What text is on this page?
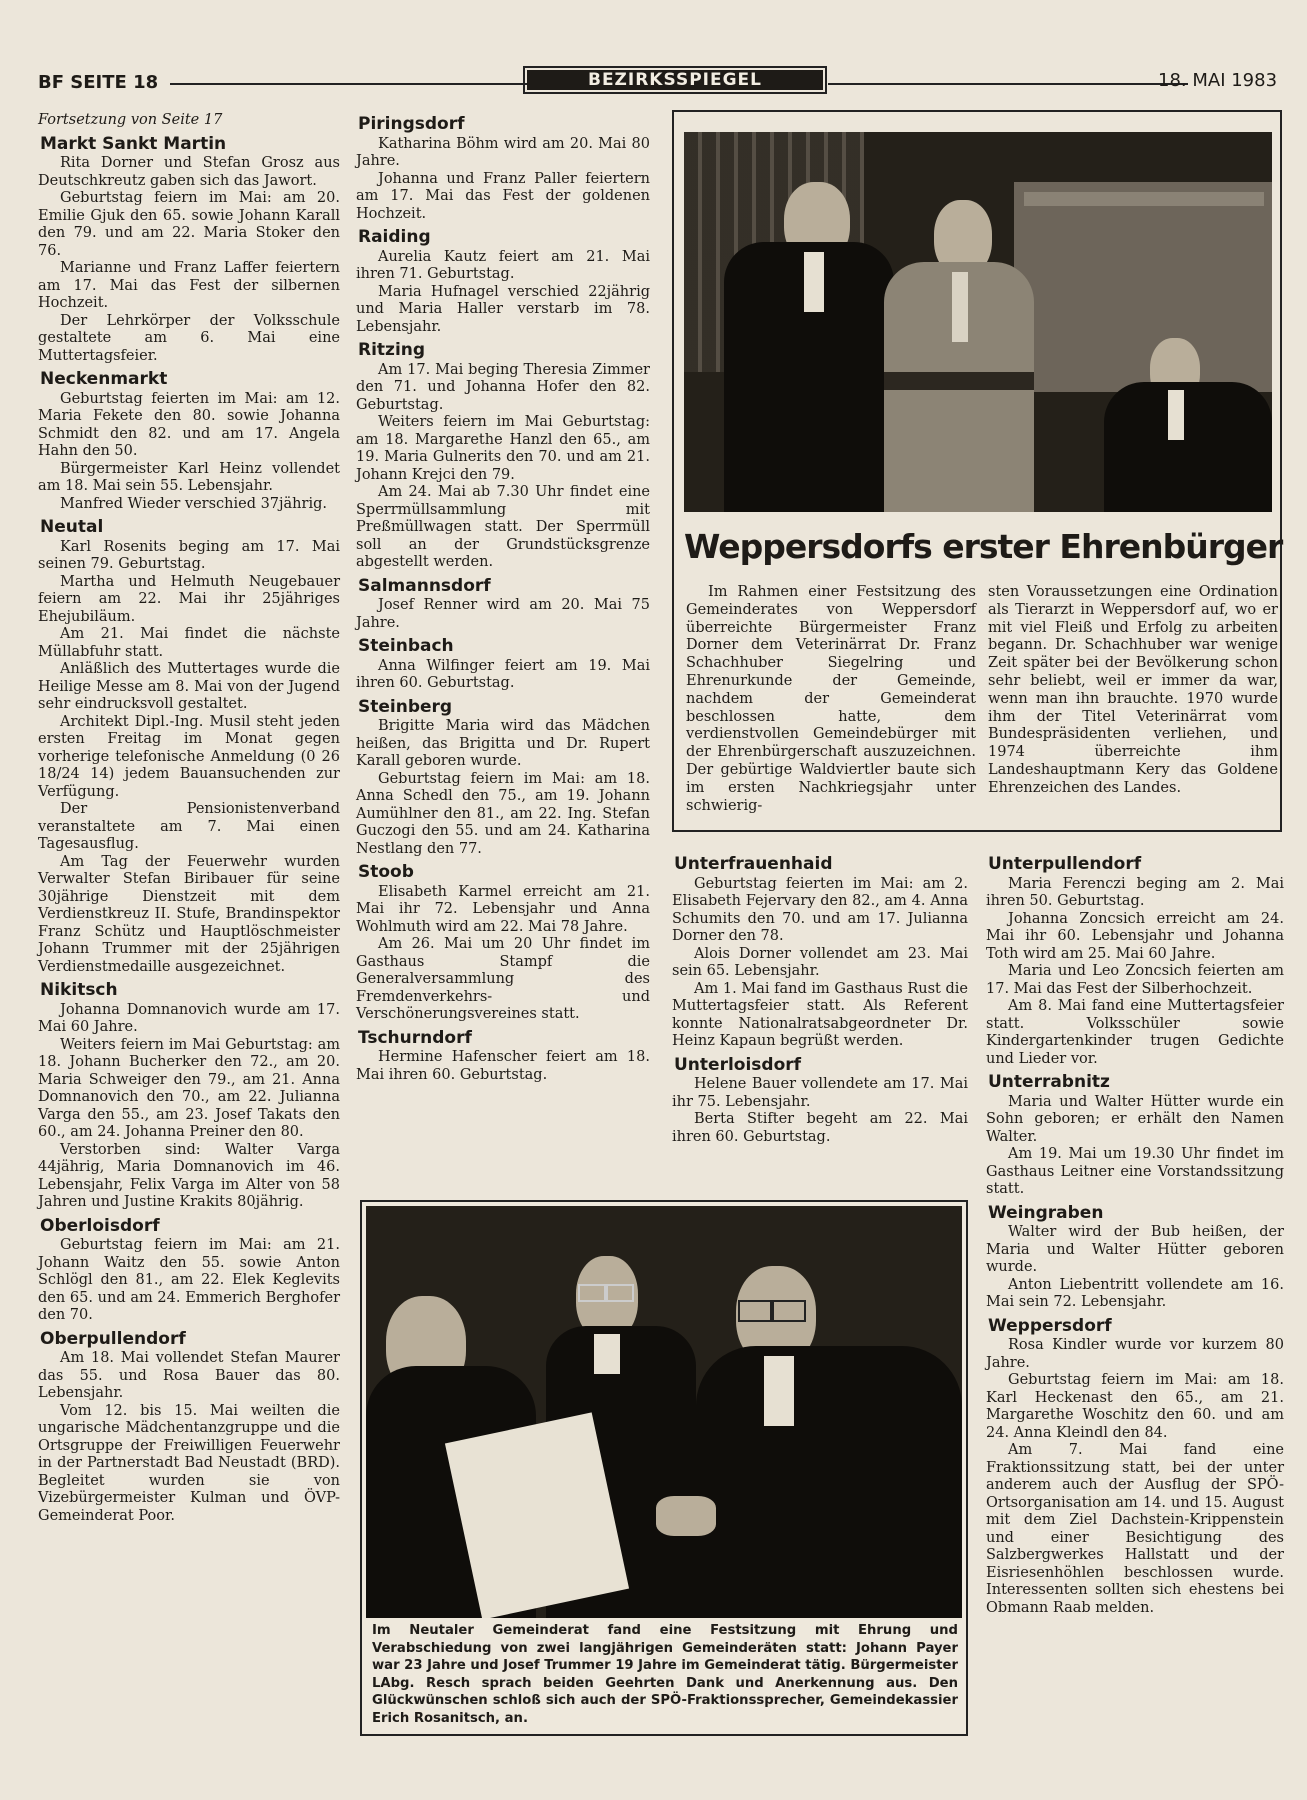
BF SEITE 18	BEZIRKSSPIEGEL	18. MAI 1983

Fortsetzung von Seite 17

Markt Sankt Martin

Rita Dorner und Stefan Grosz aus Deutschkreutz gaben sich das Jawort.

Geburtstag feiern im Mai: am 20. Emilie Gjuk den 65. sowie Johann Karall den 79. und am 22. Maria Stoker den 76.

Marianne und Franz Laffer feiertern am 17. Mai das Fest der silbernen Hochzeit.

Der Lehrkörper der Volksschule gestaltete am 6. Mai eine Muttertagsfeier.

Neckenmarkt

Geburtstag feierten im Mai: am 12. Maria Fekete den 80. sowie Johanna Schmidt den 82. und am 17. Angela Hahn den 50.

Bürgermeister Karl Heinz vollendet am 18. Mai sein 55. Lebensjahr.

Manfred Wieder verschied 37jährig.

Neutal

Karl Rosenits beging am 17. Mai seinen 79. Geburtstag.

Martha und Helmuth Neugebauer feiern am 22. Mai ihr 25jähriges Ehejubiläum.

Am 21. Mai findet die nächste Müllabfuhr statt.

Anläßlich des Muttertages wurde die Heilige Messe am 8. Mai von der Jugend sehr eindrucksvoll gestaltet.

Architekt Dipl.-Ing. Musil steht jeden ersten Freitag im Monat gegen vorherige telefonische Anmeldung (0 26 18/24 14) jedem Bauansuchenden zur Verfügung.

Der Pensionistenverband veranstaltete am 7. Mai einen Tagesausflug.

Am Tag der Feuerwehr wurden Verwalter Stefan Biribauer für seine 30jährige Dienstzeit mit dem Verdienstkreuz II. Stufe, Brandinspektor Franz Schütz und Hauptlöschmeister Johann Trummer mit der 25jährigen Verdienstmedaille ausgezeichnet.

Nikitsch

Johanna Domnanovich wurde am 17. Mai 60 Jahre.

Weiters feiern im Mai Geburtstag: am 18. Johann Bucherker den 72., am 20. Maria Schweiger den 79., am 21. Anna Domnanovich den 70., am 22. Julianna Varga den 55., am 23. Josef Takats den 60., am 24. Johanna Preiner den 80.

Verstorben sind: Walter Varga 44jährig, Maria Domnanovich im 46. Lebensjahr, Felix Varga im Alter von 58 Jahren und Justine Krakits 80jährig.

Oberloisdorf

Geburtstag feiern im Mai: am 21. Johann Waitz den 55. sowie Anton Schlögl den 81., am 22. Elek Keglevits den 65. und am 24. Emmerich Berghofer den 70.

Oberpullendorf

Am 18. Mai vollendet Stefan Maurer das 55. und Rosa Bauer das 80. Lebensjahr.

Vom 12. bis 15. Mai weilten die ungarische Mädchentanzgruppe und die Ortsgruppe der Freiwilligen Feuerwehr in der Partnerstadt Bad Neustadt (BRD). Begleitet wurden sie von Vizebürgermeister Kulman und ÖVP-Gemeinderat Poor.

Piringsdorf

Katharina Böhm wird am 20. Mai 80 Jahre.

Johanna und Franz Paller feiertern am 17. Mai das Fest der goldenen Hochzeit.

Raiding

Aurelia Kautz feiert am 21. Mai ihren 71. Geburtstag.

Maria Hufnagel verschied 22jährig und Maria Haller verstarb im 78. Lebensjahr.

Ritzing

Am 17. Mai beging Theresia Zimmer den 71. und Johanna Hofer den 82. Geburtstag.

Weiters feiern im Mai Geburtstag: am 18. Margarethe Hanzl den 65., am 19. Maria Gulnerits den 70. und am 21. Johann Krejci den 79.

Am 24. Mai ab 7.30 Uhr findet eine Sperrmüllsammlung mit Preßmüllwagen statt. Der Sperrmüll soll an der Grundstücksgrenze abgestellt werden.

Salmannsdorf

Josef Renner wird am 20. Mai 75 Jahre.

Steinbach

Anna Wilfinger feiert am 19. Mai ihren 60. Geburtstag.

Steinberg

Brigitte Maria wird das Mädchen heißen, das Brigitta und Dr. Rupert Karall geboren wurde.

Geburtstag feiern im Mai: am 18. Anna Schedl den 75., am 19. Johann Aumühlner den 81., am 22. Ing. Stefan Guczogi den 55. und am 24. Katharina Nestlang den 77.

Stoob

Elisabeth Karmel erreicht am 21. Mai ihr 72. Lebensjahr und Anna Wohlmuth wird am 22. Mai 78 Jahre.

Am 26. Mai um 20 Uhr findet im Gasthaus Stampf die Generalversammlung des Fremdenverkehrs- und Verschönerungsvereines statt.

Tschurndorf

Hermine Hafenscher feiert am 18. Mai ihren 60. Geburtstag.

Weppersdorfs erster Ehrenbürger

Im Rahmen einer Festsitzung des Gemeinderates von Weppersdorf überreichte Bürgermeister Franz Dorner dem Veterinärrat Dr. Franz Schachhuber Siegelring und Ehrenurkunde der Gemeinde, nachdem der Gemeinderat beschlossen hatte, dem verdienstvollen Gemeindebürger mit der Ehrenbürgerschaft auszuzeichnen. Der gebürtige Waldviertler baute sich im ersten Nachkriegsjahr unter schwierig-

sten Voraussetzungen eine Ordination als Tierarzt in Weppersdorf auf, wo er mit viel Fleiß und Erfolg zu arbeiten begann. Dr. Schachhuber war wenige Zeit später bei der Bevölkerung schon sehr beliebt, weil er immer da war, wenn man ihn brauchte. 1970 wurde ihm der Titel Veterinärrat vom Bundespräsidenten verliehen, und 1974 überreichte ihm Landeshauptmann Kery das Goldene Ehrenzeichen des Landes.

Unterfrauenhaid

Geburtstag feierten im Mai: am 2. Elisabeth Fejervary den 82., am 4. Anna Schumits den 70. und am 17. Julianna Dorner den 78.

Alois Dorner vollendet am 23. Mai sein 65. Lebensjahr.

Am 1. Mai fand im Gasthaus Rust die Muttertagsfeier statt. Als Referent konnte Nationalratsabgeordneter Dr. Heinz Kapaun begrüßt werden.

Unterloisdorf

Helene Bauer vollendete am 17. Mai ihr 75. Lebensjahr.

Berta Stifter begeht am 22. Mai ihren 60. Geburtstag.

Unterpullendorf

Maria Ferenczi beging am 2. Mai ihren 50. Geburtstag.

Johanna Zoncsich erreicht am 24. Mai ihr 60. Lebensjahr und Johanna Toth wird am 25. Mai 60 Jahre.

Maria und Leo Zoncsich feierten am 17. Mai das Fest der Silberhochzeit.

Am 8. Mai fand eine Muttertagsfeier statt. Volksschüler sowie Kindergartenkinder trugen Gedichte und Lieder vor.

Unterrabnitz

Maria und Walter Hütter wurde ein Sohn geboren; er erhält den Namen Walter.

Am 19. Mai um 19.30 Uhr findet im Gasthaus Leitner eine Vorstandssitzung statt.

Weingraben

Walter wird der Bub heißen, der Maria und Walter Hütter geboren wurde.

Anton Liebentritt vollendete am 16. Mai sein 72. Lebensjahr.

Weppersdorf

Rosa Kindler wurde vor kurzem 80 Jahre.

Geburtstag feiern im Mai: am 18. Karl Heckenast den 65., am 21. Margarethe Woschitz den 60. und am 24. Anna Kleindl den 84.

Am 7. Mai fand eine Fraktionssitzung statt, bei der unter anderem auch der Ausflug der SPÖ-Ortsorganisation am 14. und 15. August mit dem Ziel Dachstein-Krippenstein und einer Besichtigung des Salzbergwerkes Hallstatt und der Eisriesenhöhlen beschlossen wurde. Interessenten sollten sich ehestens bei Obmann Raab melden.

Im Neutaler Gemeinderat fand eine Festsitzung mit Ehrung und Verabschiedung von zwei langjährigen Gemeinderäten statt: Johann Payer war 23 Jahre und Josef Trummer 19 Jahre im Gemeinderat tätig. Bürgermeister LAbg. Resch sprach beiden Geehrten Dank und Anerkennung aus. Den Glückwünschen schloß sich auch der SPÖ-Fraktionssprecher, Gemeindekassier Erich Rosanitsch, an.
